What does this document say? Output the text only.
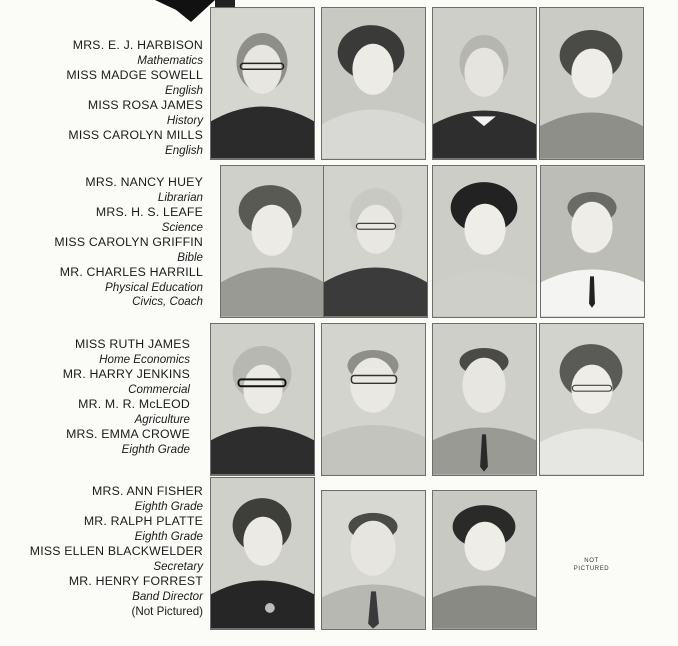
MRS. E. J. HARBISON
Mathematics
MISS MADGE SOWELL
English
MISS ROSA JAMES
History
MISS CAROLYN MILLS
English
MRS. NANCY HUEY
Librarian
MRS. H. S. LEAFE
Science
MISS CAROLYN GRIFFIN
Bible
MR. CHARLES HARRILL
Physical Education
Civics, Coach
MISS RUTH JAMES
Home Economics
MR. HARRY JENKINS
Commercial
MR. M. R. McLEOD
Agriculture
MRS. EMMA CROWE
Eighth Grade
MRS. ANN FISHER
Eighth Grade
MR. RALPH PLATTE
Eighth Grade
MISS ELLEN BLACKWELDER
Secretary
MR. HENRY FORREST
Band Director
(Not Pictured)
NOT
PICTURED
